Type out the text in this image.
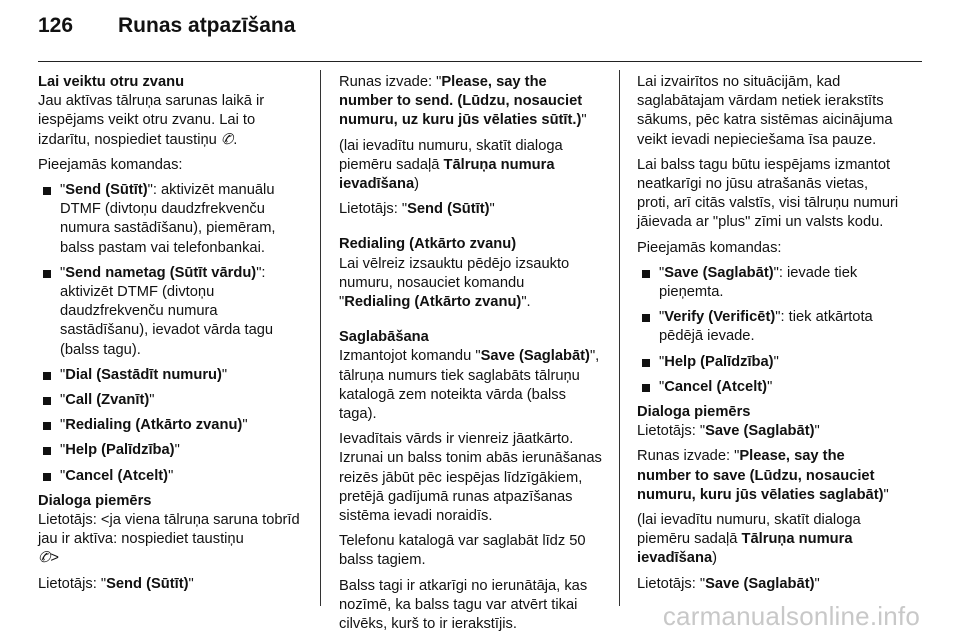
126	Runas atpazīšana
Lai veiktu otru zvanu

Jau aktīvas tālruņa sarunas laikā ir iespējams veikt otru zvanu. Lai to izdarītu, nospiediet taustiņu ✆.

Pieejamās komandas:

"Send (Sūtīt)": aktivizēt manuālu DTMF (divtoņu daudzfrekvenču numura sastādīšanu), piemēram, balss pastam vai telefonbankai.
"Send nametag (Sūtīt vārdu)": aktivizēt DTMF (divtoņu daudzfrekvenču numura sastādīšanu), ievadot vārda tagu (balss tagu).
"Dial (Sastādīt numuru)"
"Call (Zvanīt)"
"Redialing (Atkārto zvanu)"
"Help (Palīdzība)"
"Cancel (Atcelt)"
Dialoga piemērs

Lietotājs: <ja viena tālruņa saruna tobrīd jau ir aktīva: nospiediet taustiņu
✆>

Lietotājs: "Send (Sūtīt)"

Runas izvade: "Please, say the number to send. (Lūdzu, nosauciet numuru, uz kuru jūs vēlaties sūtīt.)"

(lai ievadītu numuru, skatīt dialoga piemēru sadaļā Tālruņa numura ievadīšana)

Lietotājs: "Send (Sūtīt)"

Redialing (Atkārto zvanu)

Lai vēlreiz izsauktu pēdējo izsaukto numuru, nosauciet komandu
"Redialing (Atkārto zvanu)".

Saglabāšana

Izmantojot komandu "Save (Saglabāt)", tālruņa numurs tiek saglabāts tālruņu katalogā zem noteikta vārda (balss taga).

Ievadītais vārds ir vienreiz jāatkārto. Izrunai un balss tonim abās ierunāšanas reizēs jābūt pēc iespējas līdzīgākiem, pretējā gadījumā runas atpazīšanas sistēma ievadi noraidīs.

Telefonu katalogā var saglabāt līdz 50 balss tagiem.

Balss tagi ir atkarīgi no ierunātāja, kas nozīmē, ka balss tagu var atvērt tikai cilvēks, kurš to ir ierakstījis.

Lai izvairītos no situācijām, kad saglabātajam vārdam netiek ierakstīts sākums, pēc katra sistēmas aicinājuma veikt ievadi nepieciešama īsa pauze.

Lai balss tagu būtu iespējams izmantot neatkarīgi no jūsu atrašanās vietas, proti, arī citās valstīs, visi tālruņu numuri jāievada ar "plus" zīmi un valsts kodu.

Pieejamās komandas:

"Save (Saglabāt)": ievade tiek pieņemta.
"Verify (Verificēt)": tiek atkārtota pēdējā ievade.
"Help (Palīdzība)"
"Cancel (Atcelt)"
Dialoga piemērs

Lietotājs: "Save (Saglabāt)"

Runas izvade: "Please, say the number to save (Lūdzu, nosauciet numuru, kuru jūs vēlaties saglabāt)"

(lai ievadītu numuru, skatīt dialoga piemēru sadaļā Tālruņa numura ievadīšana)

Lietotājs: "Save (Saglabāt)"

carmanualsonline.info
